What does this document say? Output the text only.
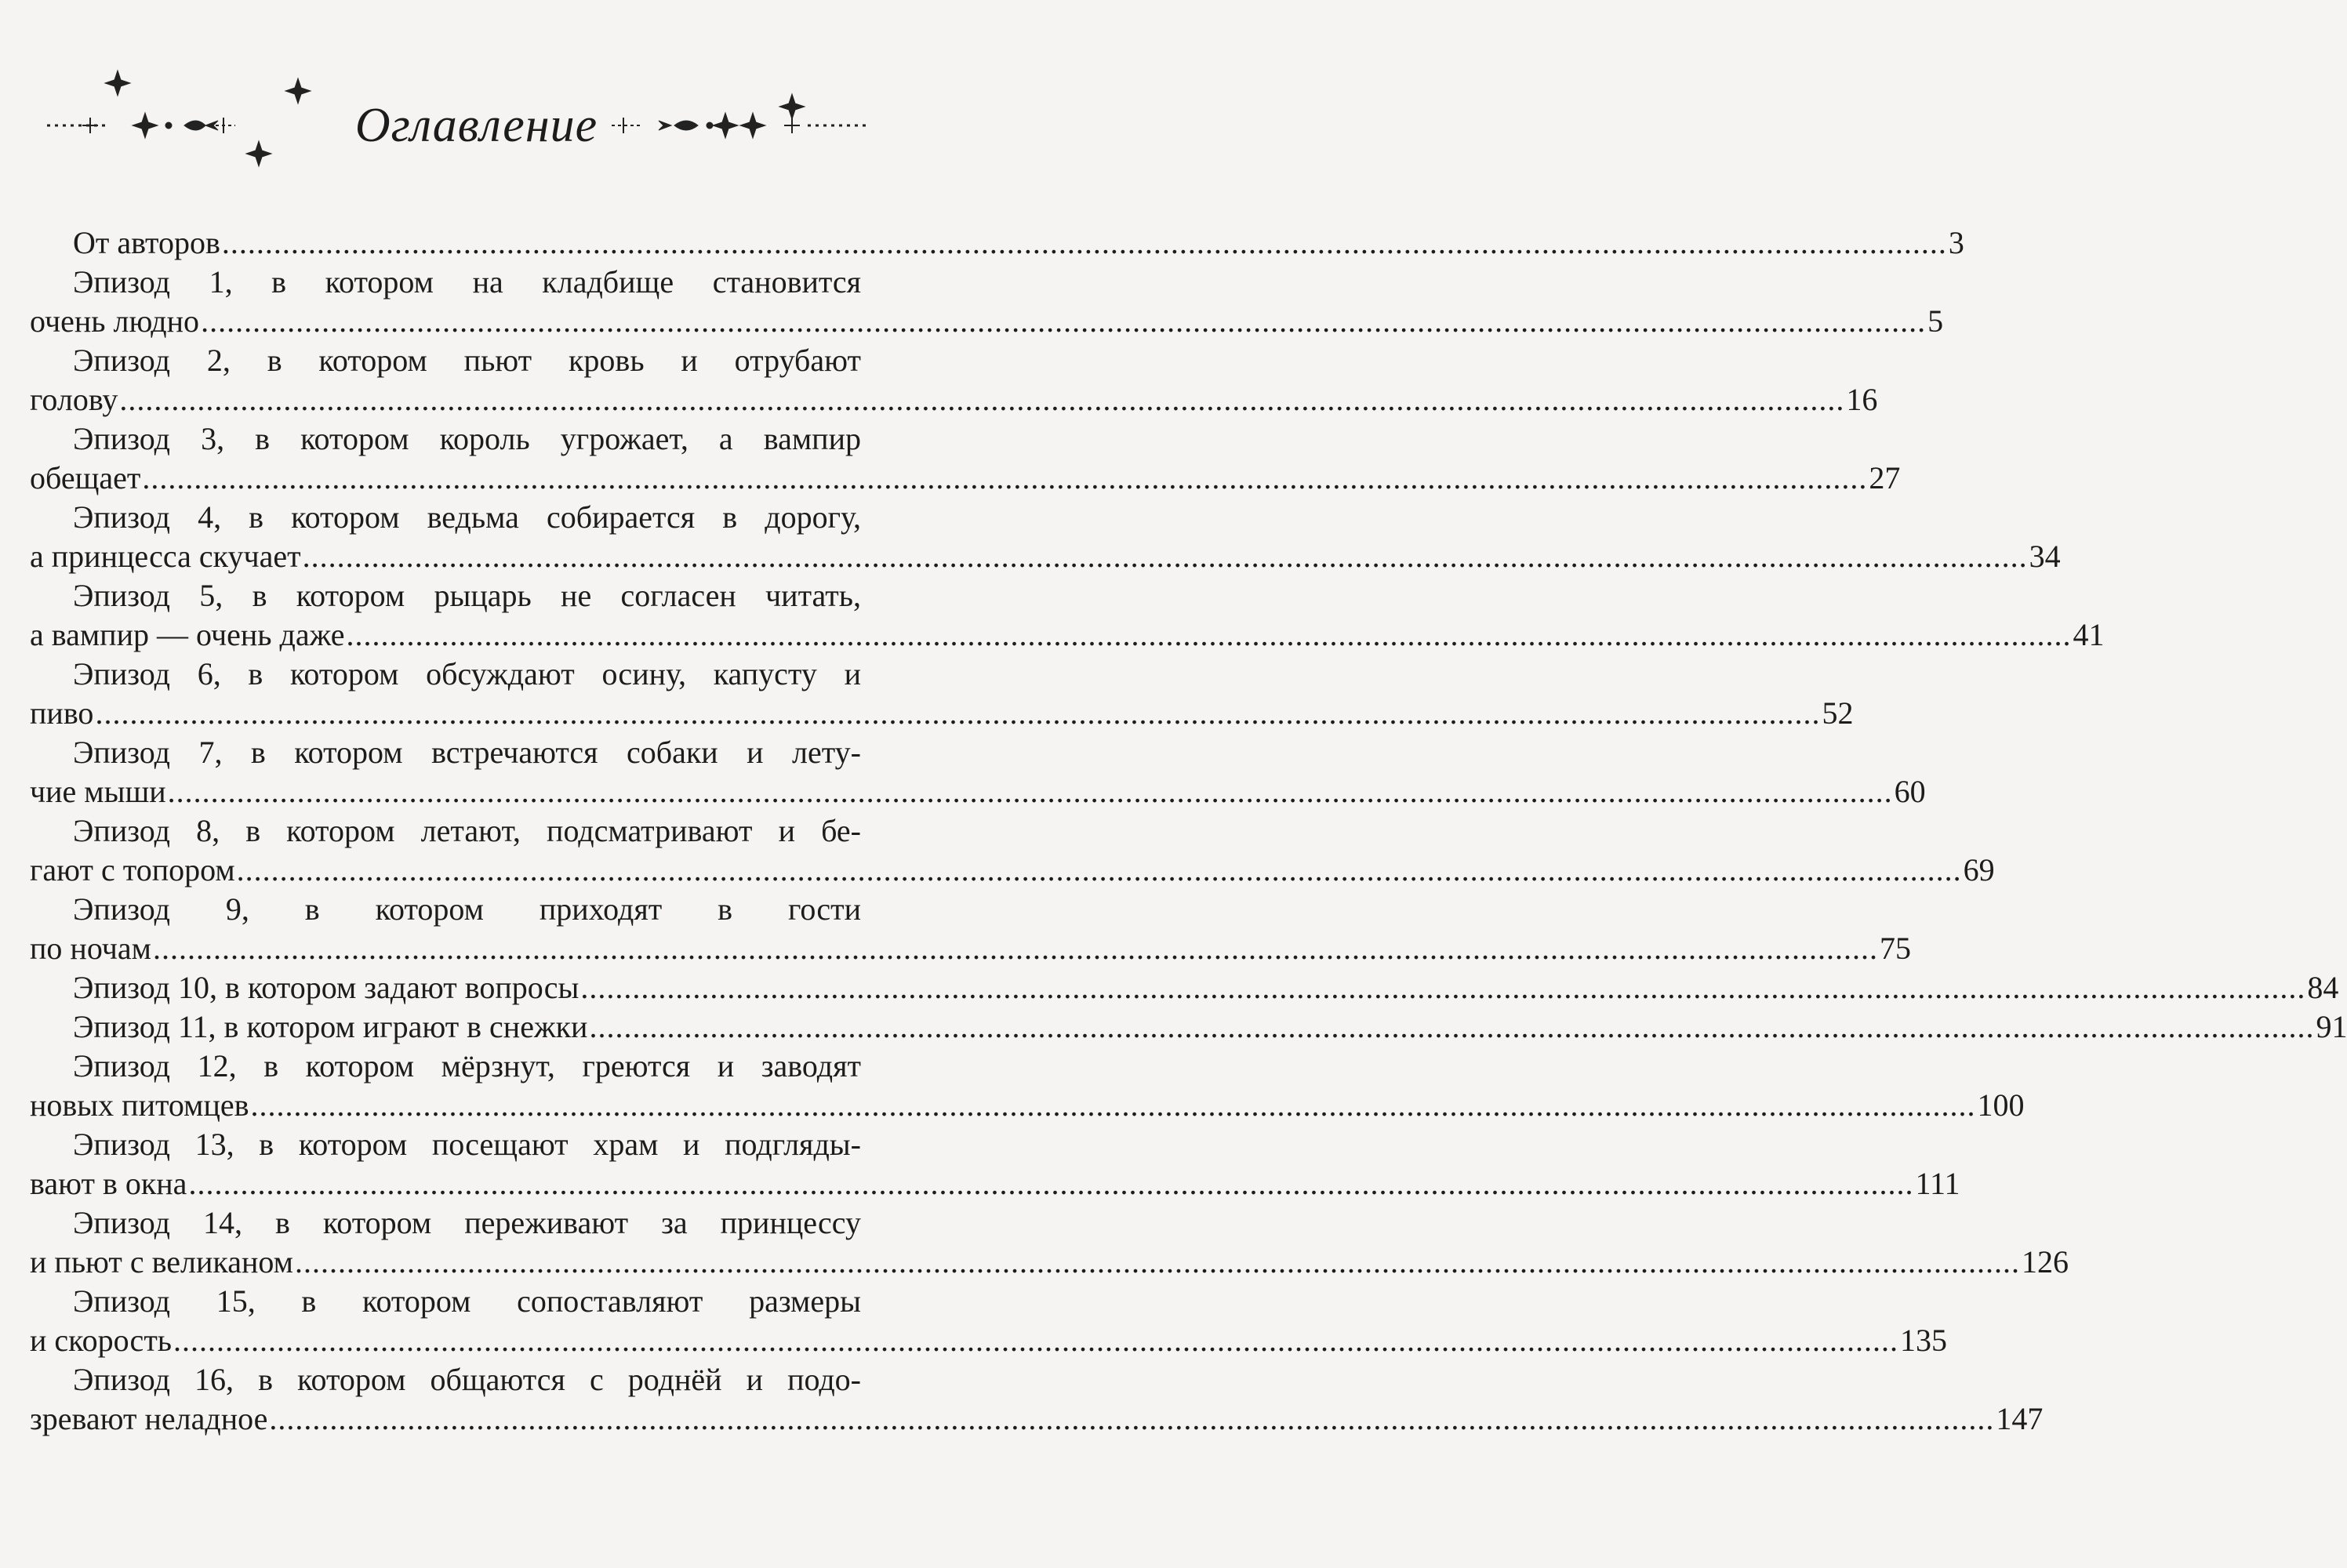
Оглавление
От авторов ........................................................................................................................................................................................................ 3
Эпизод 1, в котором на кладбище становится
очень людно ........................................................................................................................................................................................................ 5
Эпизод 2, в котором пьют кровь и отрубают
голову ........................................................................................................................................................................................................ 16
Эпизод 3, в котором король угрожает, а вампир
обещает ........................................................................................................................................................................................................ 27
Эпизод 4, в котором ведьма собирается в дорогу,
а принцесса скучает ........................................................................................................................................................................................................ 34
Эпизод 5, в котором рыцарь не согласен читать,
а вампир — очень даже ........................................................................................................................................................................................................ 41
Эпизод 6, в котором обсуждают осину, капусту и
пиво ........................................................................................................................................................................................................ 52
Эпизод 7, в котором встречаются собаки и лету-
чие мыши ........................................................................................................................................................................................................ 60
Эпизод 8, в котором летают, подсматривают и бе-
гают с топором ........................................................................................................................................................................................................ 69
Эпизод 9, в котором приходят в гости
по ночам ........................................................................................................................................................................................................ 75
Эпизод 10, в котором задают вопросы ........................................................................................................................................................................................................ 84
Эпизод 11, в котором играют в снежки ........................................................................................................................................................................................................ 91
Эпизод 12, в котором мёрзнут, греются и заводят
новых питомцев ........................................................................................................................................................................................................ 100
Эпизод 13, в котором посещают храм и подгляды-
вают в окна ........................................................................................................................................................................................................ 111
Эпизод 14, в котором переживают за принцессу
и пьют с великаном ........................................................................................................................................................................................................ 126
Эпизод 15, в котором сопоставляют размеры
и скорость ........................................................................................................................................................................................................ 135
Эпизод 16, в котором общаются с роднёй и подо-
зревают неладное ........................................................................................................................................................................................................ 147
